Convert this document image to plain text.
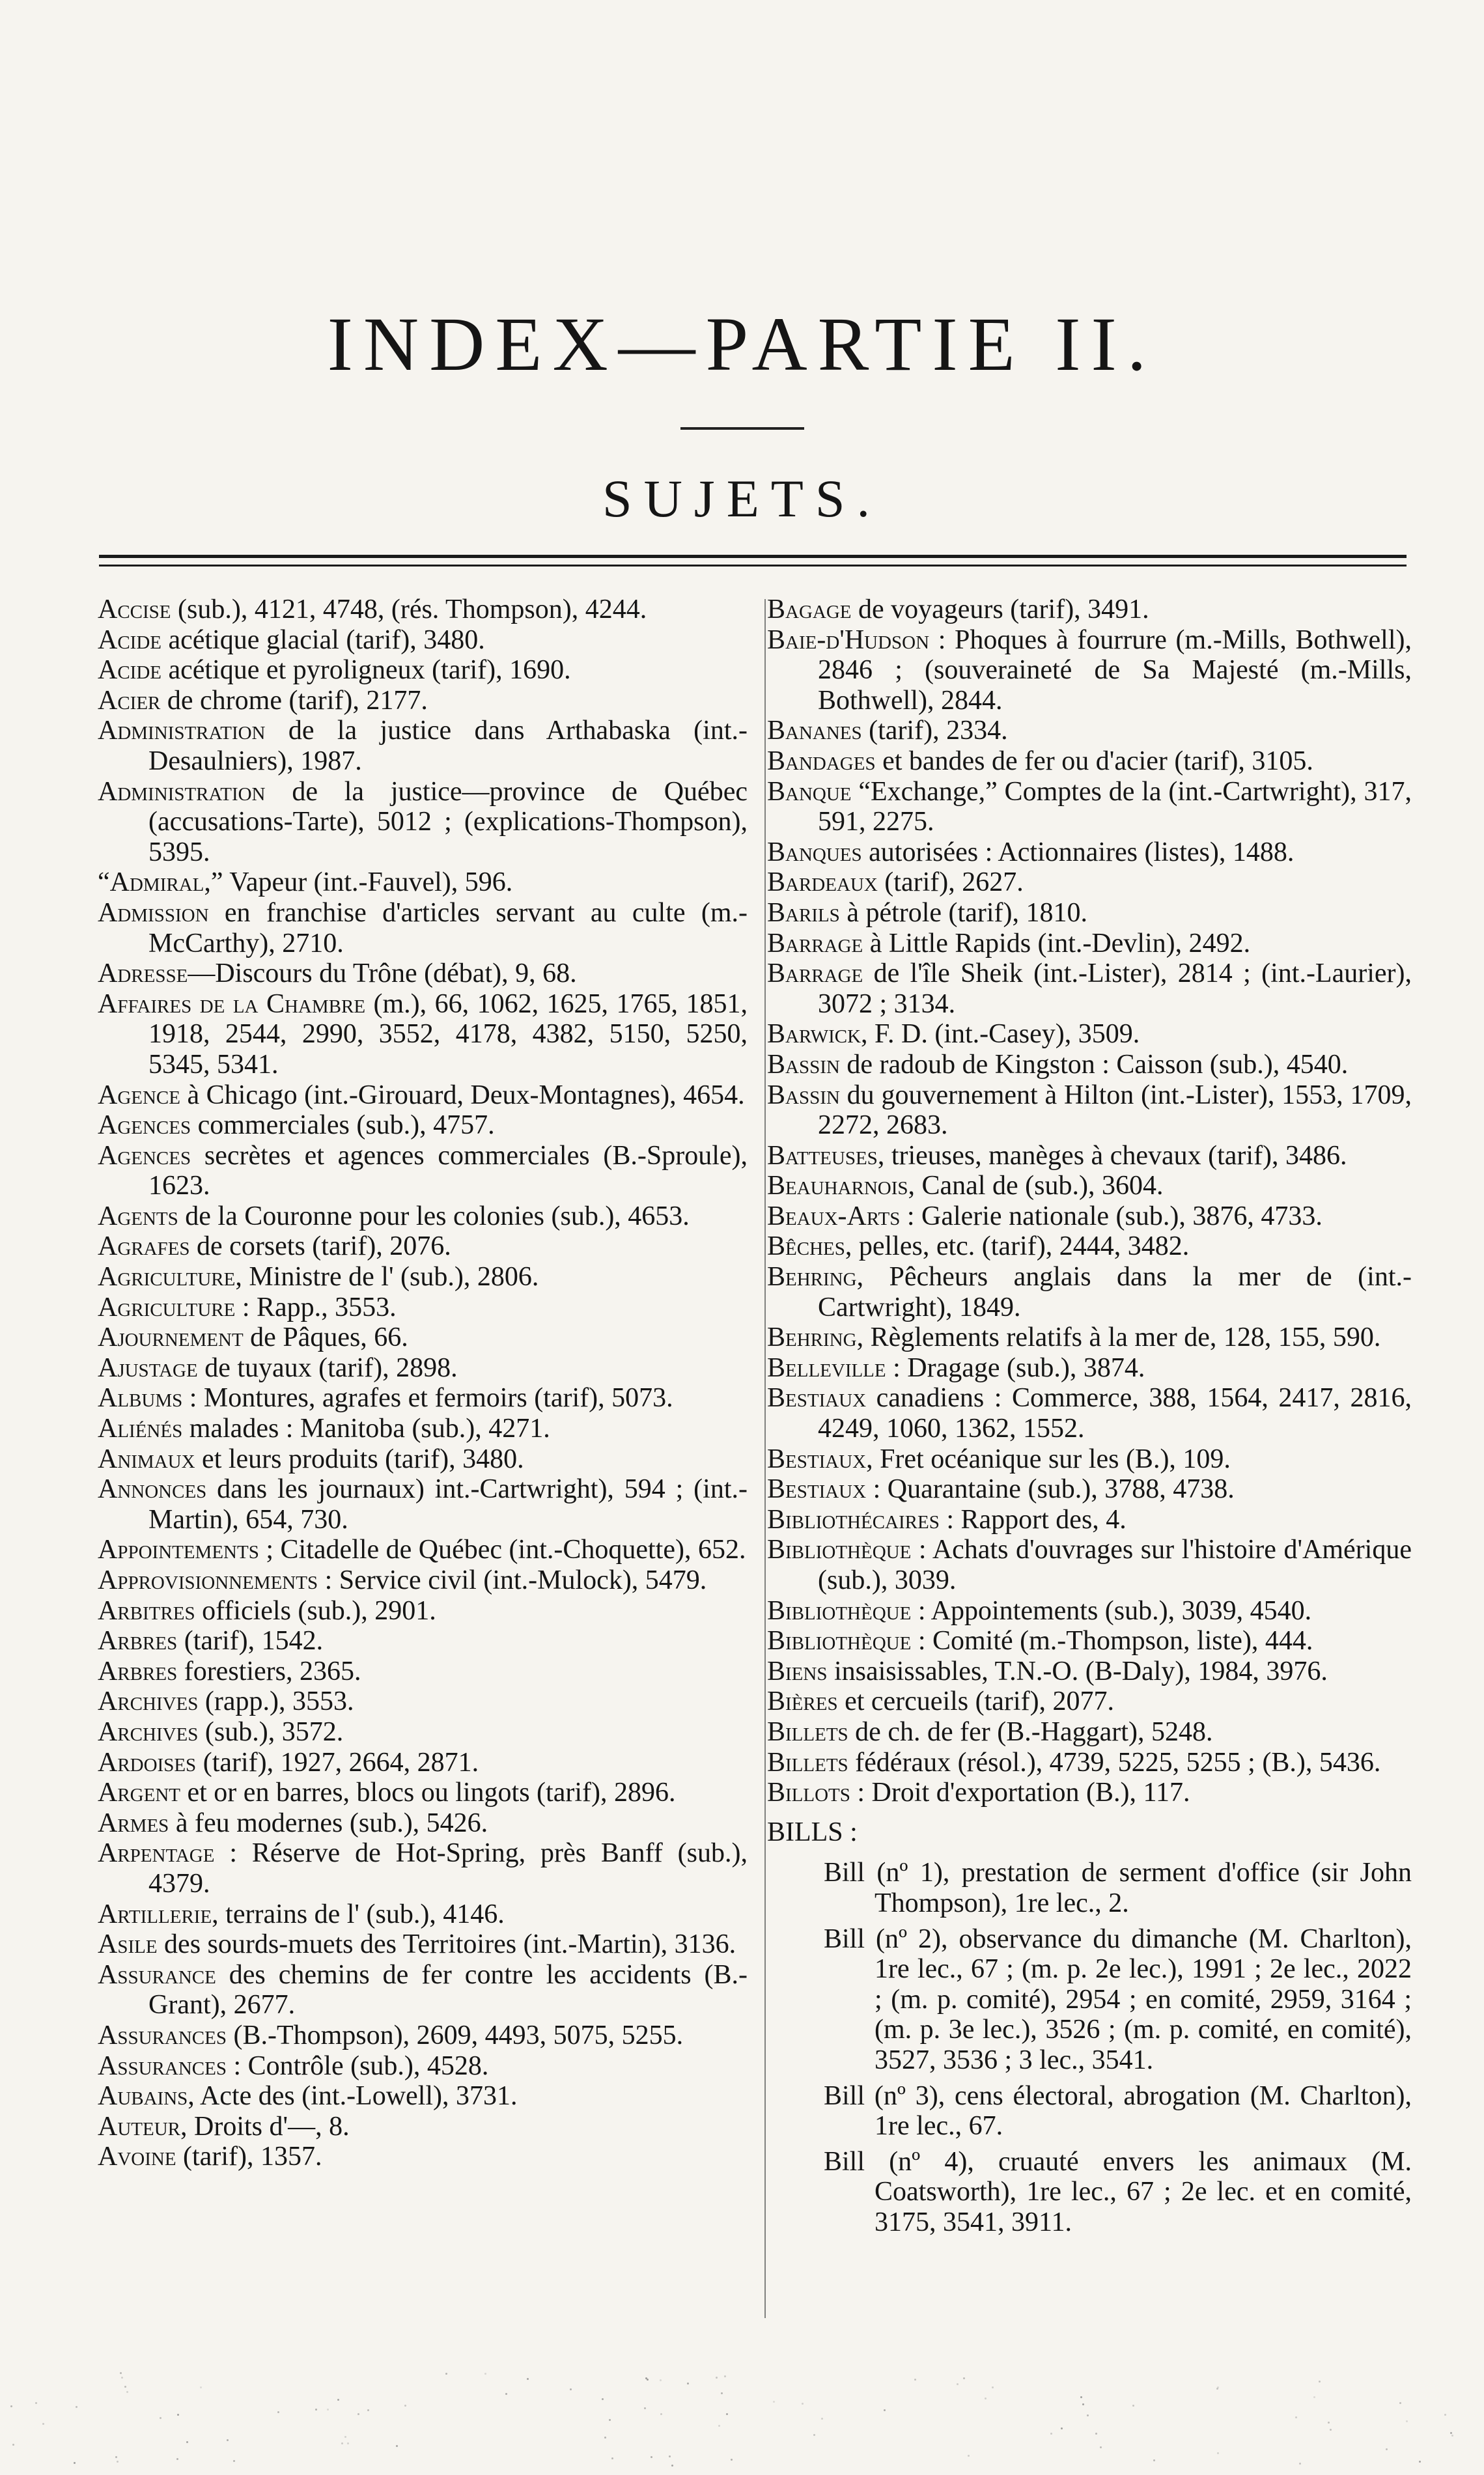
INDEX—PARTIE II.
SUJETS.

Accise (sub.), 4121, 4748, (rés. Thompson), 4244.

Acide acétique glacial (tarif), 3480.

Acide acétique et pyroligneux (tarif), 1690.

Acier de chrome (tarif), 2177.

Administration de la justice dans Arthabaska (int.-Desaulniers), 1987.

Administration de la justice—province de Québec (accusations-Tarte), 5012 ; (explications-Thompson), 5395.

“Admiral,” Vapeur (int.-Fauvel), 596.

Admission en franchise d'articles servant au culte (m.-McCarthy), 2710.

Adresse—Discours du Trône (débat), 9, 68.

Affaires de la Chambre (m.), 66, 1062, 1625, 1765, 1851, 1918, 2544, 2990, 3552, 4178, 4382, 5150, 5250, 5345, 5341.

Agence à Chicago (int.-Girouard, Deux-Montagnes), 4654.

Agences commerciales (sub.), 4757.

Agences secrètes et agences commerciales (B.-Sproule), 1623.

Agents de la Couronne pour les colonies (sub.), 4653.

Agrafes de corsets (tarif), 2076.

Agriculture, Ministre de l' (sub.), 2806.

Agriculture : Rapp., 3553.

Ajournement de Pâques, 66.

Ajustage de tuyaux (tarif), 2898.

Albums : Montures, agrafes et fermoirs (tarif), 5073.

Aliénés malades : Manitoba (sub.), 4271.

Animaux et leurs produits (tarif), 3480.

Annonces dans les journaux) int.-Cartwright), 594 ; (int.-Martin), 654, 730.

Appointements ; Citadelle de Québec (int.-Choquette), 652.

Approvisionnements : Service civil (int.-Mulock), 5479.

Arbitres officiels (sub.), 2901.

Arbres (tarif), 1542.

Arbres forestiers, 2365.

Archives (rapp.), 3553.

Archives (sub.), 3572.

Ardoises (tarif), 1927, 2664, 2871.

Argent et or en barres, blocs ou lingots (tarif), 2896.

Armes à feu modernes (sub.), 5426.

Arpentage : Réserve de Hot-Spring, près Banff (sub.), 4379.

Artillerie, terrains de l' (sub.), 4146.

Asile des sourds-muets des Territoires (int.-Martin), 3136.

Assurance des chemins de fer contre les accidents (B.-Grant), 2677.

Assurances (B.-Thompson), 2609, 4493, 5075, 5255.

Assurances : Contrôle (sub.), 4528.

Aubains, Acte des (int.-Lowell), 3731.

Auteur, Droits d'—, 8.

Avoine (tarif), 1357.

Bagage de voyageurs (tarif), 3491.

Baie-d'Hudson : Phoques à fourrure (m.-Mills, Bothwell), 2846 ; (souveraineté de Sa Majesté (m.-Mills, Bothwell), 2844.

Bananes (tarif), 2334.

Bandages et bandes de fer ou d'acier (tarif), 3105.

Banque “Exchange,” Comptes de la (int.-Cartwright), 317, 591, 2275.

Banques autorisées : Actionnaires (listes), 1488.

Bardeaux (tarif), 2627.

Barils à pétrole (tarif), 1810.

Barrage à Little Rapids (int.-Devlin), 2492.

Barrage de l'île Sheik (int.-Lister), 2814 ; (int.-Laurier), 3072 ; 3134.

Barwick, F. D. (int.-Casey), 3509.

Bassin de radoub de Kingston : Caisson (sub.), 4540.

Bassin du gouvernement à Hilton (int.-Lister), 1553, 1709, 2272, 2683.

Batteuses, trieuses, manèges à chevaux (tarif), 3486.

Beauharnois, Canal de (sub.), 3604.

Beaux-Arts : Galerie nationale (sub.), 3876, 4733.

Bêches, pelles, etc. (tarif), 2444, 3482.

Behring, Pêcheurs anglais dans la mer de (int.-Cartwright), 1849.

Behring, Règlements relatifs à la mer de, 128, 155, 590.

Belleville : Dragage (sub.), 3874.

Bestiaux canadiens : Commerce, 388, 1564, 2417, 2816, 4249, 1060, 1362, 1552.

Bestiaux, Fret océanique sur les (B.), 109.

Bestiaux : Quarantaine (sub.), 3788, 4738.

Bibliothécaires : Rapport des, 4.

Bibliothèque : Achats d'ouvrages sur l'histoire d'Amérique (sub.), 3039.

Bibliothèque : Appointements (sub.), 3039, 4540.

Bibliothèque : Comité (m.-Thompson, liste), 444.

Biens insaisissables, T.N.-O. (B-Daly), 1984, 3976.

Bières et cercueils (tarif), 2077.

Billets de ch. de fer (B.-Haggart), 5248.

Billets fédéraux (résol.), 4739, 5225, 5255 ; (B.), 5436.

Billots : Droit d'exportation (B.), 117.

BILLS :

Bill (nº 1), prestation de serment d'office (sir John Thompson), 1re lec., 2.

Bill (nº 2), observance du dimanche (M. Charlton), 1re lec., 67 ; (m. p. 2e lec.), 1991 ; 2e lec., 2022 ; (m. p. comité), 2954 ; en comité, 2959, 3164 ; (m. p. 3e lec.), 3526 ; (m. p. comité, en comité), 3527, 3536 ; 3 lec., 3541.

Bill (nº 3), cens électoral, abrogation (M. Charlton), 1re lec., 67.

Bill (nº 4), cruauté envers les animaux (M. Coatsworth), 1re lec., 67 ; 2e lec. et en comité, 3175, 3541, 3911.
